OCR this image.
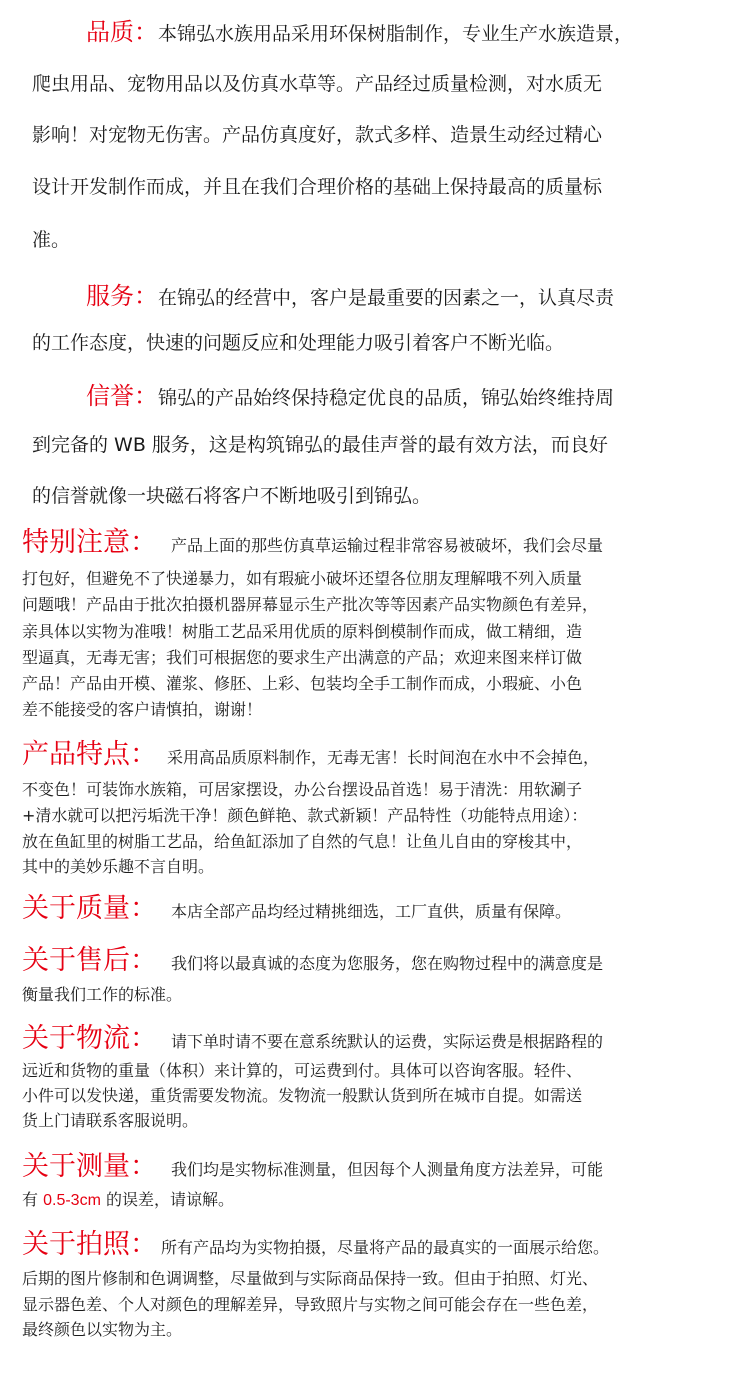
品质：本锦弘水族用品采用环保树脂制作，专业生产水族造景，
爬虫用品、宠物用品以及仿真水草等。产品经过质量检测，对水质无
影响！对宠物无伤害。产品仿真度好，款式多样、造景生动经过精心
设计开发制作而成，并且在我们合理价格的基础上保持最高的质量标
准。
服务：在锦弘的经营中，客户是最重要的因素之一，认真尽责
的工作态度，快速的问题反应和处理能力吸引着客户不断光临。
信誉：锦弘的产品始终保持稳定优良的品质，锦弘始终维持周
到完备的 WB 服务，这是构筑锦弘的最佳声誉的最有效方法，而良好
的信誉就像一块磁石将客户不断地吸引到锦弘。
特别注意： 产品上面的那些仿真草运输过程非常容易被破坏，我们会尽量
打包好，但避免不了快递暴力，如有瑕疵小破坏还望各位朋友理解哦不列入质量
问题哦！产品由于批次拍摄机器屏幕显示生产批次等等因素产品实物颜色有差异，
亲具体以实物为准哦！树脂工艺品采用优质的原料倒模制作而成，做工精细，造
型逼真，无毒无害；我们可根据您的要求生产出满意的产品；欢迎来图来样订做
产品！产品由开模、灌浆、修胚、上彩、包装均全手工制作而成，小瑕疵、小色
差不能接受的客户请慎拍，谢谢！
产品特点： 采用高品质原料制作，无毒无害！长时间泡在水中不会掉色，
不变色！可装饰水族箱，可居家摆设，办公台摆设品首选！易于清洗：用软涮子
+清水就可以把污垢洗干净！颜色鲜艳、款式新颖！产品特性（功能特点用途）：
放在鱼缸里的树脂工艺品，给鱼缸添加了自然的气息！让鱼儿自由的穿梭其中，
其中的美妙乐趣不言自明。
关于质量： 本店全部产品均经过精挑细选，工厂直供，质量有保障。
关于售后： 我们将以最真诚的态度为您服务，您在购物过程中的满意度是
衡量我们工作的标准。
关于物流： 请下单时请不要在意系统默认的运费，实际运费是根据路程的
远近和货物的重量（体积）来计算的，可运费到付。具体可以咨询客服。轻件、
小件可以发快递，重货需要发物流。发物流一般默认货到所在城市自提。如需送
货上门请联系客服说明。
关于测量： 我们均是实物标准测量，但因每个人测量角度方法差异，可能
有 0.5-3cm 的误差，请谅解。
关于拍照： 所有产品均为实物拍摄，尽量将产品的最真实的一面展示给您。
后期的图片修制和色调调整，尽量做到与实际商品保持一致。但由于拍照、灯光、
显示器色差、个人对颜色的理解差异，导致照片与实物之间可能会存在一些色差，
最终颜色以实物为主。
